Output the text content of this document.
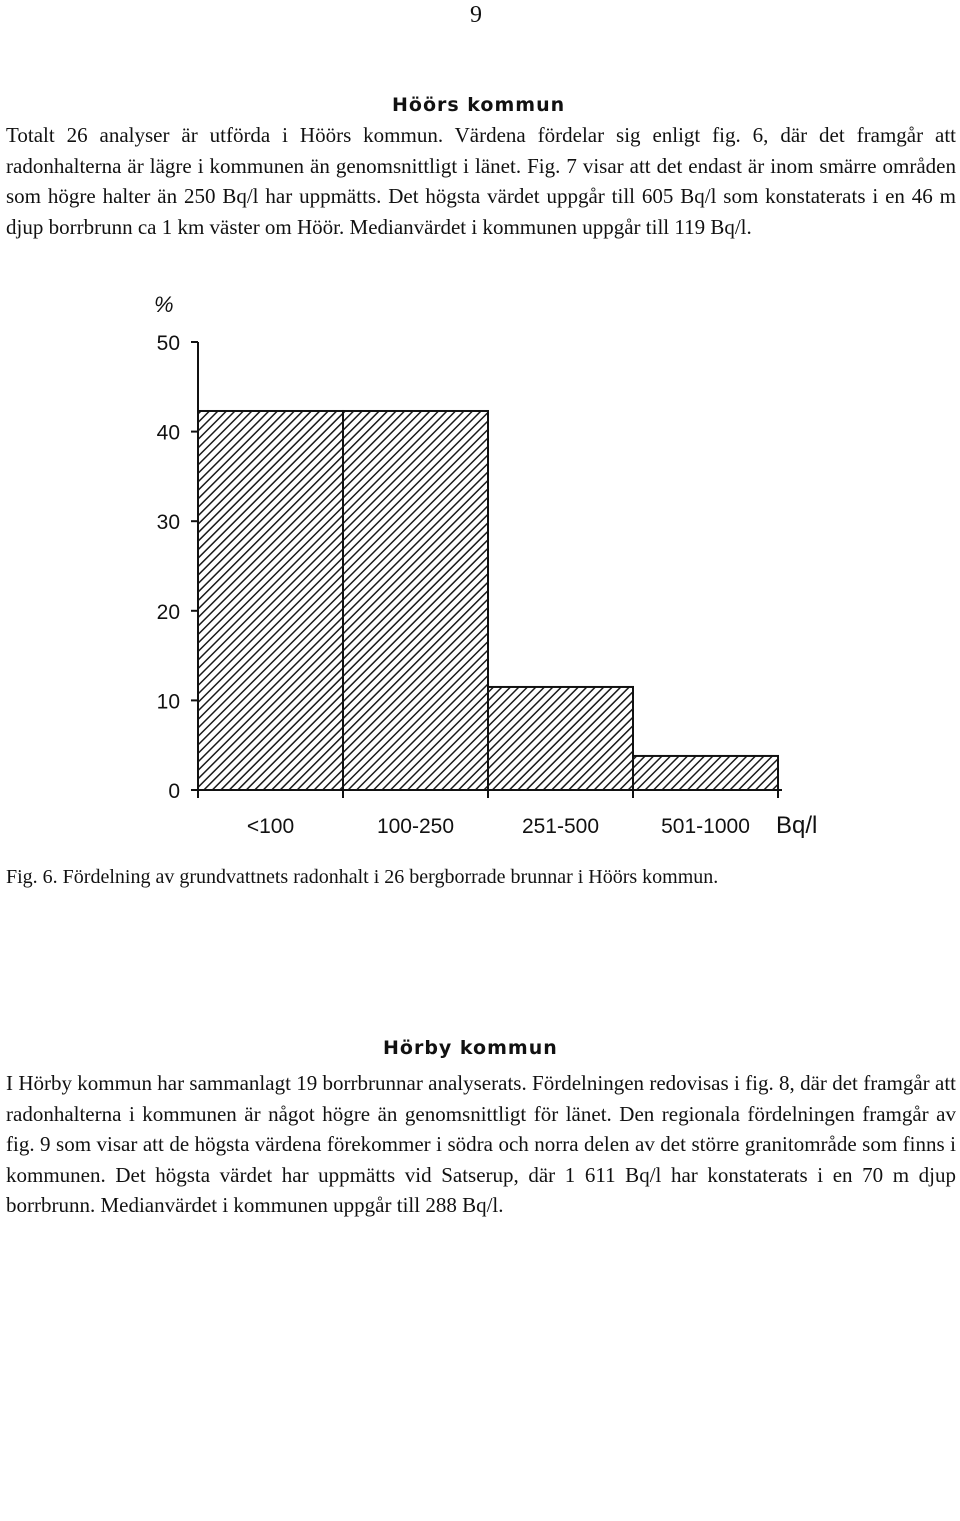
9
Höörs kommun
Totalt 26 analyser är utförda i Höörs kommun. Värdena fördelar sig enligt fig. 6, där det framgår att radonhalterna är lägre i kommunen än genomsnittligt i länet. Fig. 7 visar att det endast är inom smärre områden som högre halter än 250 Bq/l har uppmätts. Det högsta värdet uppgår till 605 Bq/l som konstaterats i en 46 m djup borrbrunn ca 1 km väster om Höör. Medianvärdet i kommunen uppgår till 119 Bq/l.
<100	100-250	251-500	501-1000
0
10
20
30
40
50
%
Bq/l
Fig. 6. Fördelning av grundvattnets radonhalt i 26 bergborrade brunnar i Höörs kommun.
Hörby kommun
I Hörby kommun har sammanlagt 19 borrbrunnar analyserats. Fördelningen redovisas i fig. 8, där det framgår att radonhalterna i kommunen är något högre än genomsnittligt för länet. Den regionala fördelningen framgår av fig. 9 som visar att de högsta värdena förekommer i södra och norra delen av det större granitområde som finns i kommunen. Det högsta värdet har uppmätts vid Satserup, där 1 611 Bq/l har konstaterats i en 70 m djup borrbrunn. Medianvärdet i kommunen uppgår till 288 Bq/l.
